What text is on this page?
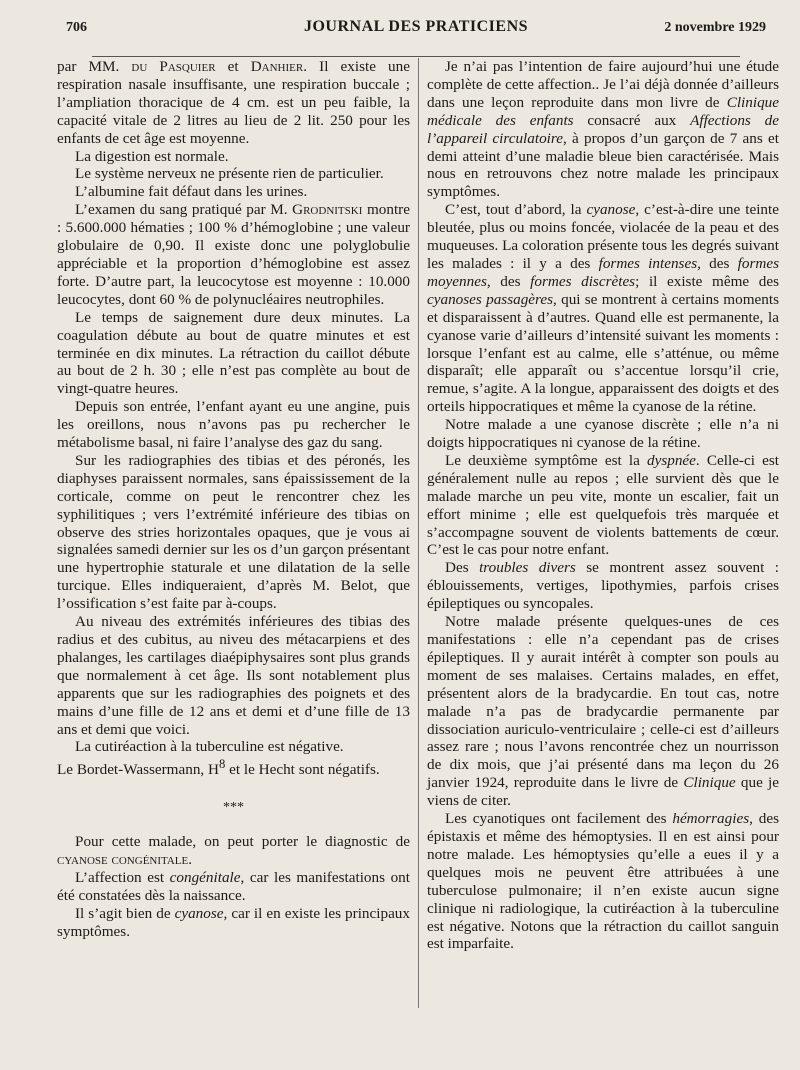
706	JOURNAL DES PRATICIENS	2 novembre 1929

par MM. du Pasquier et Danhier. Il existe une respiration nasale insuffisante, une respiration buccale ; l’ampliation thoracique de 4 cm. est un peu faible, la capacité vitale de 2 litres au lieu de 2 lit. 250 pour les enfants de cet âge est moyenne.

La digestion est normale.

Le système nerveux ne présente rien de particulier.

L’albumine fait défaut dans les urines.

L’examen du sang pratiqué par M. Grodnitski montre : 5.600.000 hématies ; 100 % d’hémoglobine ; une valeur globulaire de 0,90. Il existe donc une polyglobulie appréciable et la proportion d’hémoglobine est assez forte. D’autre part, la leucocytose est moyenne : 10.000 leucocytes, dont 60 % de polynucléaires neutrophiles.

Le temps de saignement dure deux minutes. La coagulation débute au bout de quatre minutes et est terminée en dix minutes. La rétraction du caillot débute au bout de 2 h. 30 ; elle n’est pas complète au bout de vingt-quatre heures.

Depuis son entrée, l’enfant ayant eu une angine, puis les oreillons, nous n’avons pas pu rechercher le métabolisme basal, ni faire l’analyse des gaz du sang.

Sur les radiographies des tibias et des péronés, les diaphyses paraissent normales, sans épaississement de la corticale, comme on peut le rencontrer chez les syphilitiques ; vers l’extrémité inférieure des tibias on observe des stries horizontales opaques, que je vous ai signalées samedi dernier sur les os d’un garçon présentant une hypertrophie staturale et une dilatation de la selle turcique. Elles indiqueraient, d’après M. Belot, que l’ossification s’est faite par à-coups.

Au niveau des extrémités inférieures des tibias des radius et des cubitus, au niveu des métacarpiens et des phalanges, les cartilages diaépiphysaires sont plus grands que normalement à cet âge. Ils sont notablement plus apparents que sur les radiographies des poignets et des mains d’une fille de 12 ans et demi et d’une fille de 13 ans et demi que voici.

La cutiréaction à la tuberculine est négative.

Le Bordet-Wassermann, $H^8$ et le Hecht sont négatifs.

***

Pour cette malade, on peut porter le diagnostic de cyanose congénitale.

L’affection est congénitale, car les manifestations ont été constatées dès la naissance.

Il s’agit bien de cyanose, car il en existe les principaux symptômes.

Je n’ai pas l’intention de faire aujourd’hui une étude complète de cette affection.. Je l’ai déjà donnée d’ailleurs dans une leçon reproduite dans mon livre de Clinique médicale des enfants consacré aux Affections de l’appareil circulatoire, à propos d’un garçon de 7 ans et demi atteint d’une maladie bleue bien caractérisée. Mais nous en retrouvons chez notre malade les principaux symptômes.

C’est, tout d’abord, la cyanose, c’est-à-dire une teinte bleutée, plus ou moins foncée, violacée de la peau et des muqueuses. La coloration présente tous les degrés suivant les malades : il y a des formes intenses, des formes moyennes, des formes discrètes; il existe même des cyanoses passagères, qui se montrent à certains moments et disparaissent à d’autres. Quand elle est permanente, la cyanose varie d’ailleurs d’intensité suivant les moments : lorsque l’enfant est au calme, elle s’atténue, ou même disparaît; elle apparaît ou s’accentue lorsqu’il crie, remue, s’agite. A la longue, apparaissent des doigts et des orteils hippocratiques et même la cyanose de la rétine.

Notre malade a une cyanose discrète ; elle n’a ni doigts hippocratiques ni cyanose de la rétine.

Le deuxième symptôme est la dyspnée. Celle-ci est généralement nulle au repos ; elle survient dès que le malade marche un peu vite, monte un escalier, fait un effort minime ; elle est quelquefois très marquée et s’accompagne souvent de violents battements de cœur. C’est le cas pour notre enfant.

Des troubles divers se montrent assez souvent : éblouissements, vertiges, lipothymies, parfois crises épileptiques ou syncopales.

Notre malade présente quelques-unes de ces manifestations : elle n’a cependant pas de crises épileptiques. Il y aurait intérêt à compter son pouls au moment de ses malaises. Certains malades, en effet, présentent alors de la bradycardie. En tout cas, notre malade n’a pas de bradycardie permanente par dissociation auriculo-ventriculaire ; celle-ci est d’ailleurs assez rare ; nous l’avons rencontrée chez un nourrisson de dix mois, que j’ai présenté dans ma leçon du 26 janvier 1924, reproduite dans le livre de Clinique que je viens de citer.

Les cyanotiques ont facilement des hémorragies, des épistaxis et même des hémoptysies. Il en est ainsi pour notre malade. Les hémoptysies qu’elle a eues il y a quelques mois ne peuvent être attribuées à une tuberculose pulmonaire; il n’en existe aucun signe clinique ni radiologique, la cutiréaction à la tuberculine est négative. Notons que la rétraction du caillot sanguin est imparfaite.
